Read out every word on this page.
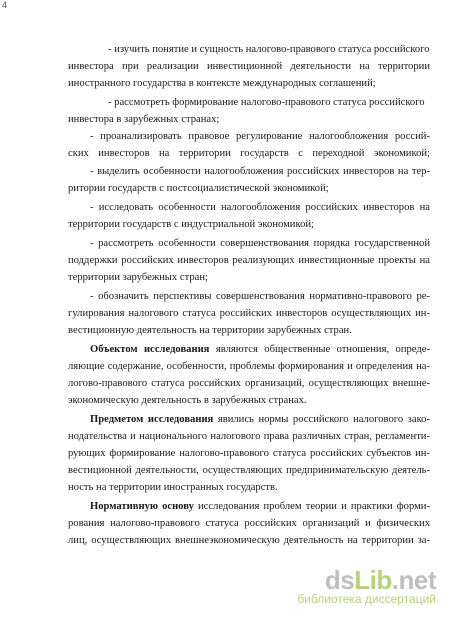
4
- изучить понятие и сущность налогово-правового статуса российского
инвестора при реализации инвестиционной деятельности на территории
иностранного государства в контексте международных соглашений;
- рассмотреть формирование налогово-правового статуса российского
инвестора в зарубежных странах;
- проанализировать правовое регулирование налогообложения россий-
ских инвесторов на территории государств с переходной экономикой;
- выделить особенности налогообложения российских инвесторов на тер-
ритории государств с постсоциалистической экономикой;
- исследовать особенности налогообложения российских инвесторов на
территории государств с индустриальной экономикой;
- рассмотреть особенности совершенствования порядка государственной
поддержки российских инвесторов реализующих инвестиционные проекты на
территории зарубежных стран;
- обозначить перспективы совершенствования нормативно-правового ре-
гулирования налогового статуса российских инвесторов осуществляющих ин-
вестиционную деятельность на территории зарубежных стран.
Объектом исследования являются общественные отношения, опреде-
ляющие содержание, особенности, проблемы формирования и определения на-
логово-правового статуса российских организаций, осуществляющих внешне-
экономическую деятельность в зарубежных странах.
Предметом исследования явились нормы российского налогового зако-
нодательства и национального налогового права различных стран, регламенти-
рующих формирование налогово-правового статуса российских субъектов ин-
вестиционной деятельности, осуществляющих предпринимательскую деятель-
ность на территории иностранных государств.
Нормативную основу исследования проблем теории и практики форми-
рования налогово-правового статуса российских организаций и физических
лиц, осуществляющих внешнеэкономическую деятельность на территории за-
dsLib.net
библиотека диссертаций
